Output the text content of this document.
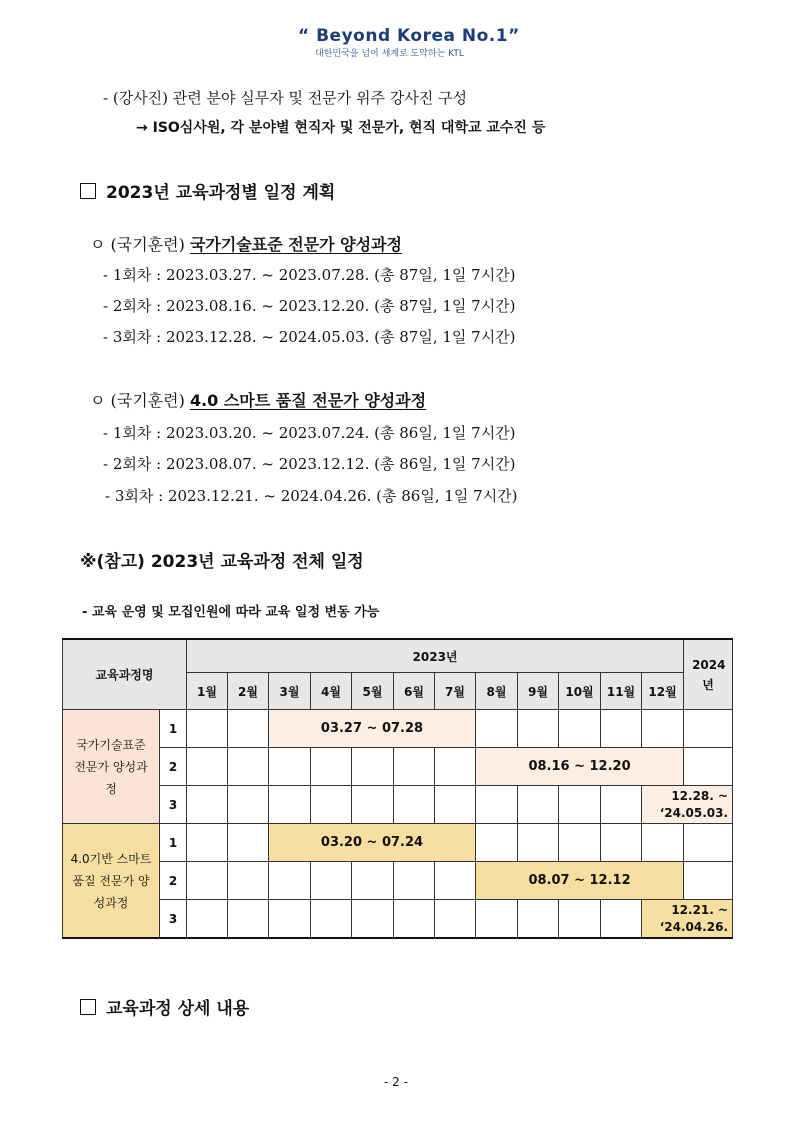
“ Beyond Korea No.1”
대한민국을 넘어 세계로 도약하는 KTL
- (강사진) 관련 분야 실무자 및 전문가 위주 강사진 구성
→ ISO심사원, 각 분야별 현직자 및 전문가, 현직 대학교 교수진 등
2023년 교육과정별 일정 계획
ㅇ (국기훈련) 국가기술표준 전문가 양성과정
- 1회차 : 2023.03.27. ~ 2023.07.28. (총 87일, 1일 7시간)
- 2회차 : 2023.08.16. ~ 2023.12.20. (총 87일, 1일 7시간)
- 3회차 : 2023.12.28. ~ 2024.05.03. (총 87일, 1일 7시간)
ㅇ (국기훈련) 4.0 스마트 품질 전문가 양성과정
- 1회차 : 2023.03.20. ~ 2023.07.24. (총 86일, 1일 7시간)
- 2회차 : 2023.08.07. ~ 2023.12.12. (총 86일, 1일 7시간)
- 3회차 : 2023.12.21. ~ 2024.04.26. (총 86일, 1일 7시간)
※(참고) 2023년 교육과정 전체 일정
- 교육 운영 및 모집인원에 따라 교육 일정 변동 가능
교육과정명		2023년												2024년
		1월	2월	3월	4월	5월	6월	7월	8월	9월	10월	11월	12월	
국가기술표준 전문가 양성과정	1			03.27 ~ 07.28										
	2								08.16 ~ 12.20					
	3												12.28. ~ ‘24.05.03.	
4.0기반 스마트 품질 전문가 양성과정	1			03.20 ~ 07.24										
	2								08.07 ~ 12.12					
	3												12.21. ~ ‘24.04.26.	
교육과정 상세 내용
- 2 -
